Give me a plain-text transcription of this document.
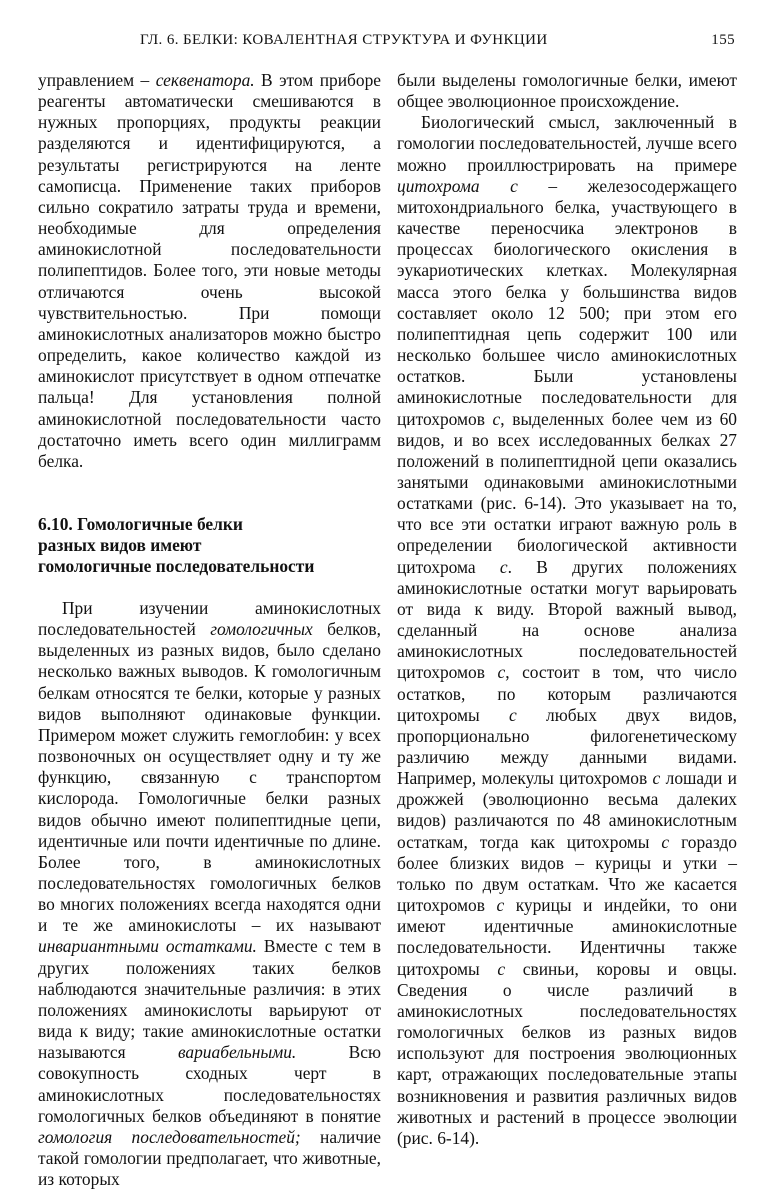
ГЛ. 6. БЕЛКИ: КОВАЛЕНТНАЯ СТРУКТУРА И ФУНКЦИИ	155

управлением – секвенатора. В этом приборе реагенты автоматически смешиваются в нужных пропорциях, продукты реакции разделяются и идентифицируются, а результаты регистрируются на ленте самописца. Применение таких приборов сильно сократило затраты труда и времени, необходимые для определения аминокислотной последовательности полипептидов. Более того, эти новые методы отличаются очень высокой чувствительностью. При помощи аминокислотных анализаторов можно быстро определить, какое количество каждой из аминокислот присутствует в одном отпечатке пальца! Для установления полной аминокислотной последовательности часто достаточно иметь всего один миллиграмм белка.

6.10. Гомологичные белки
разных видов имеют
гомологичные последовательности

При изучении аминокислотных последовательностей гомологичных белков, выделенных из разных видов, было сделано несколько важных выводов. К гомологичным белкам относятся те белки, которые у разных видов выполняют одинаковые функции. Примером может служить гемоглобин: у всех позвоночных он осуществляет одну и ту же функцию, связанную с транспортом кислорода. Гомологичные белки разных видов обычно имеют полипептидные цепи, идентичные или почти идентичные по длине. Более того, в аминокислотных последовательностях гомологичных белков во многих положениях всегда находятся одни и те же аминокислоты – их называют инвариантными остатками. Вместе с тем в других положениях таких белков наблюдаются значительные различия: в этих положениях аминокислоты варьируют от вида к виду; такие аминокислотные остатки называются вариабельными. Всю совокупность сходных черт в аминокислотных последовательностях гомологичных белков объединяют в понятие гомология последовательностей; наличие такой гомологии предполагает, что животные, из которых

были выделены гомологичные белки, имеют общее эволюционное происхождение.

Биологический смысл, заключенный в гомологии последовательностей, лучше всего можно проиллюстрировать на примере цитохрома c – железосодержащего митохондриального белка, участвующего в качестве переносчика электронов в процессах биологического окисления в эукариотических клетках. Молекулярная масса этого белка у большинства видов составляет около 12 500; при этом его полипептидная цепь содержит 100 или несколько большее число аминокислотных остатков. Были установлены аминокислотные последовательности для цитохромов c, выделенных более чем из 60 видов, и во всех исследованных белках 27 положений в полипептидной цепи оказались занятыми одинаковыми аминокислотными остатками (рис. 6-14). Это указывает на то, что все эти остатки играют важную роль в определении биологической активности цитохрома c. В других положениях аминокислотные остатки могут варьировать от вида к виду. Второй важный вывод, сделанный на основе анализа аминокислотных последовательностей цитохромов c, состоит в том, что число остатков, по которым различаются цитохромы c любых двух видов, пропорционально филогенетическому различию между данными видами. Например, молекулы цитохромов c лошади и дрожжей (эволюционно весьма далеких видов) различаются по 48 аминокислотным остаткам, тогда как цитохромы c гораздо более близких видов – курицы и утки – только по двум остаткам. Что же касается цитохромов c курицы и индейки, то они имеют идентичные аминокислотные последовательности. Идентичны также цитохромы c свиньи, коровы и овцы. Сведения о числе различий в аминокислотных последовательностях гомологичных белков из разных видов используют для построения эволюционных карт, отражающих последовательные этапы возникновения и развития различных видов животных и растений в процессе эволюции (рис. 6-14).
